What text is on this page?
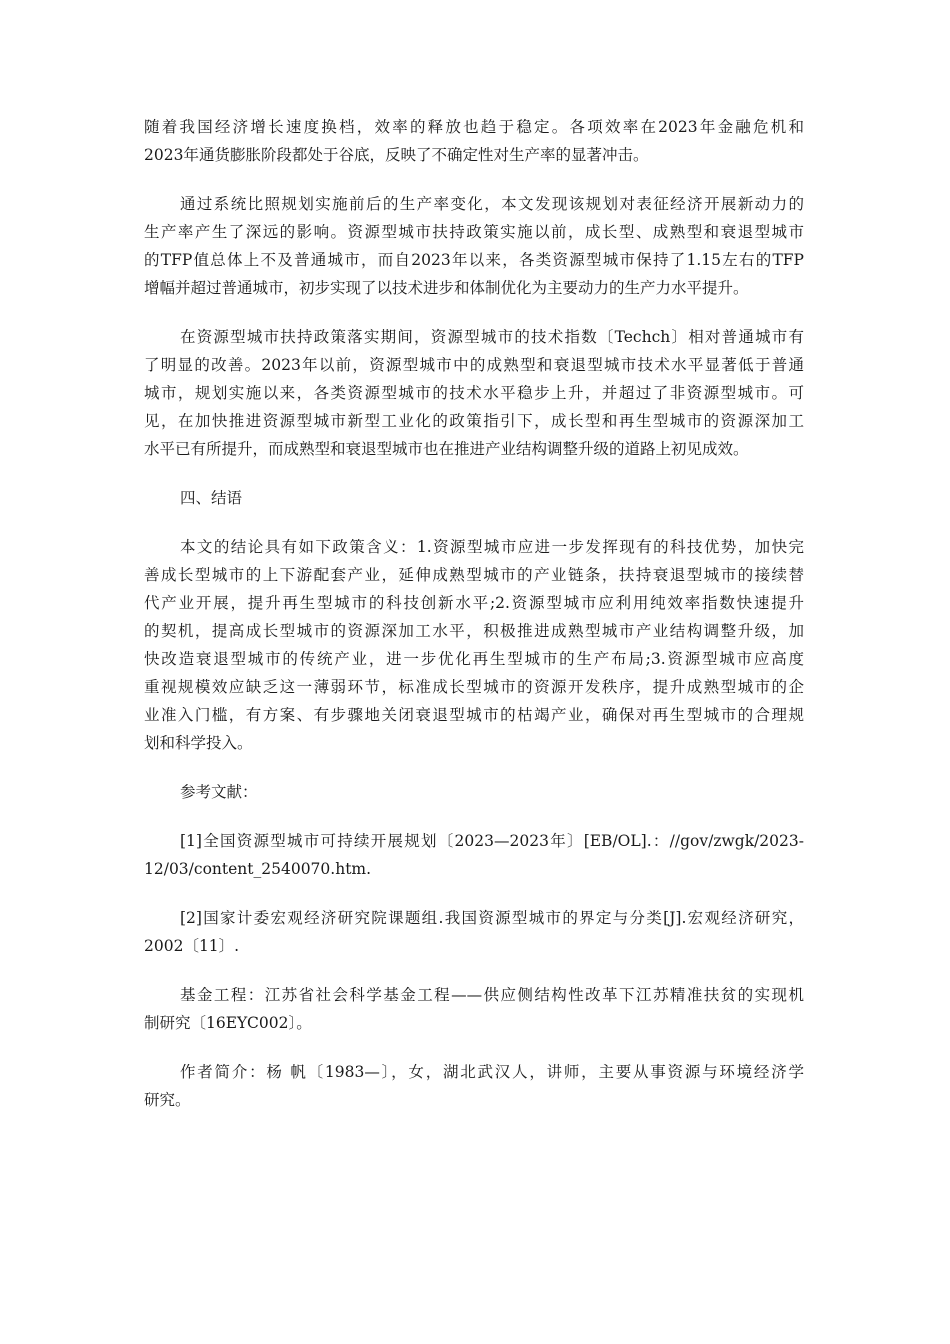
随着我国经济增长速度换档，效率的释放也趋于稳定。各项效率在2023年金融危机和
2023年通货膨胀阶段都处于谷底，反映了不确定性对生产率的显著冲击。
通过系统比照规划实施前后的生产率变化，本文发现该规划对表征经济开展新动力的
生产率产生了深远的影响。资源型城市扶持政策实施以前，成长型、成熟型和衰退型城市
的TFP值总体上不及普通城市，而自2023年以来，各类资源型城市保持了1.15左右的TFP
增幅并超过普通城市，初步实现了以技术进步和体制优化为主要动力的生产力水平提升。
在资源型城市扶持政策落实期间，资源型城市的技术指数〔Techch〕相对普通城市有
了明显的改善。2023年以前，资源型城市中的成熟型和衰退型城市技术水平显著低于普通
城市，规划实施以来，各类资源型城市的技术水平稳步上升，并超过了非资源型城市。可
见，在加快推进资源型城市新型工业化的政策指引下，成长型和再生型城市的资源深加工
水平已有所提升，而成熟型和衰退型城市也在推进产业结构调整升级的道路上初见成效。
四、结语
本文的结论具有如下政策含义：1.资源型城市应进一步发挥现有的科技优势，加快完
善成长型城市的上下游配套产业，延伸成熟型城市的产业链条，扶持衰退型城市的接续替
代产业开展，提升再生型城市的科技创新水平;2.资源型城市应利用纯效率指数快速提升
的契机，提高成长型城市的资源深加工水平，积极推进成熟型城市产业结构调整升级，加
快改造衰退型城市的传统产业，进一步优化再生型城市的生产布局;3.资源型城市应高度
重视规模效应缺乏这一薄弱环节，标准成长型城市的资源开发秩序，提升成熟型城市的企
业准入门槛，有方案、有步骤地关闭衰退型城市的枯竭产业，确保对再生型城市的合理规
划和科学投入。
参考文献：
[1]全国资源型城市可持续开展规划〔2023—2023年〕[EB/OL].：//gov/zwgk/2023-
12/03/content_2540070.htm.
[2]国家计委宏观经济研究院课题组.我国资源型城市的界定与分类[J].宏观经济研究，
2002〔11〕.
基金工程：江苏省社会科学基金工程——供应侧结构性改革下江苏精准扶贫的实现机
制研究〔16EYC002〕。
作者简介：杨 帆〔1983—〕，女，湖北武汉人，讲师，主要从事资源与环境经济学
研究。
